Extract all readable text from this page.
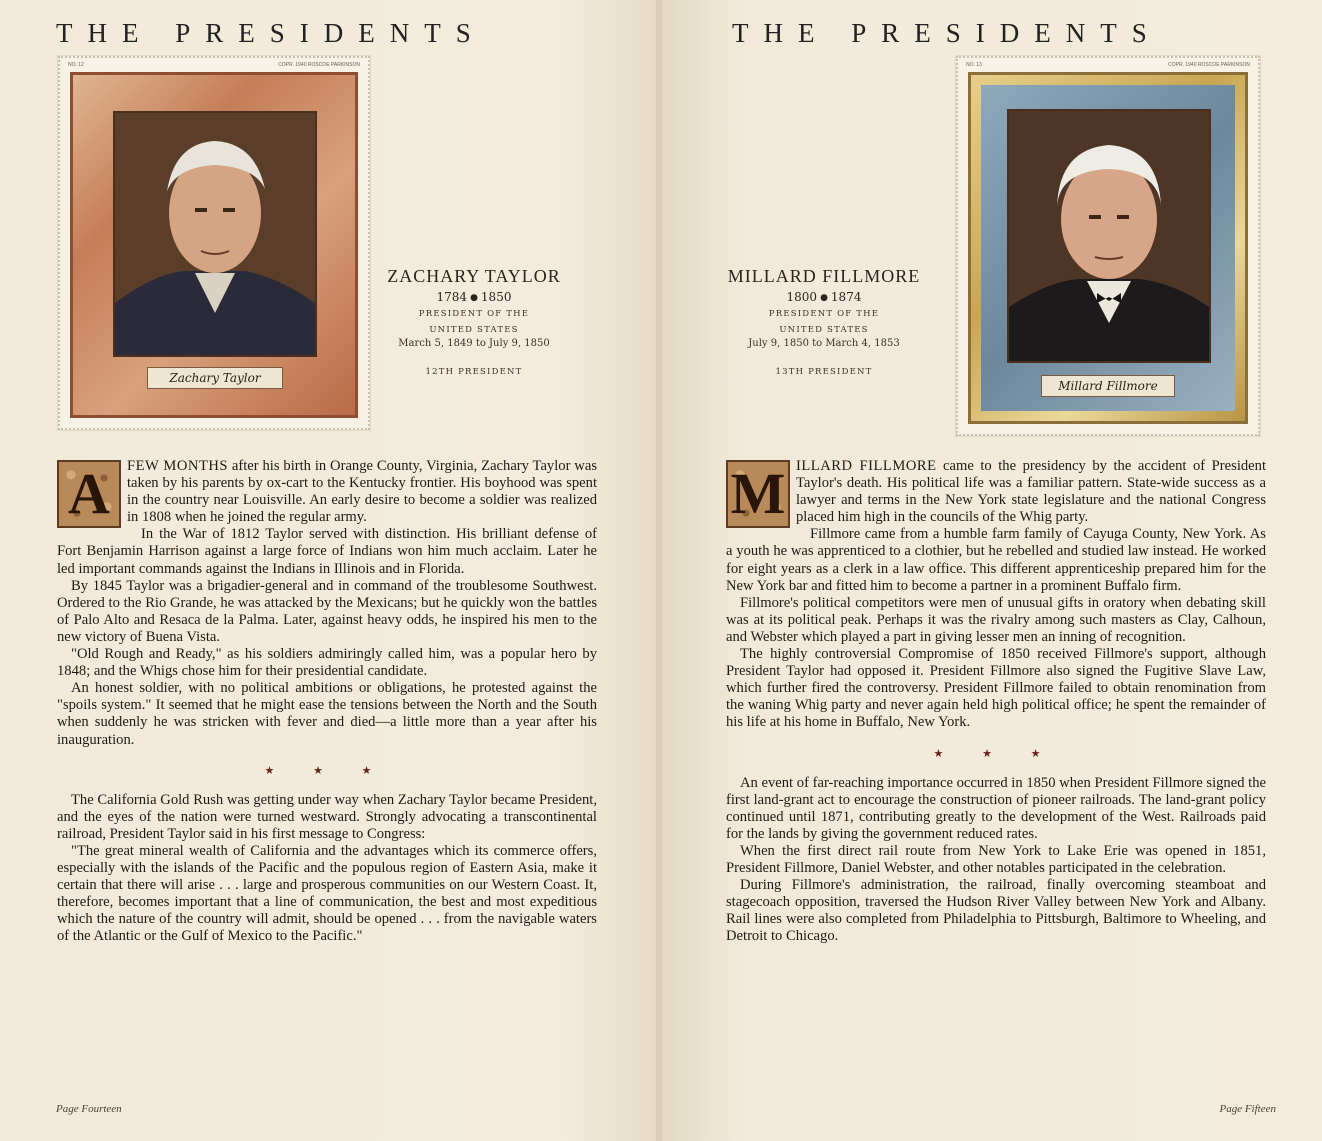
THE PRESIDENTS
NO. 12	COPR. 1940 ROSCOE PARKINSON
Zachary Taylor
ZACHARY TAYLOR
1784 ● 1850
PRESIDENT OF THE
UNITED STATES
March 5, 1849 to July 9, 1850
12TH PRESIDENT

A	FEW MONTHS after his birth in Orange County, Virginia, Zachary Taylor was taken by his parents by ox-cart to the Kentucky frontier. His boyhood was spent in the country near Louisville. An early desire to become a soldier was realized in 1808 when he joined the regular army.

In the War of 1812 Taylor served with distinction. His brilliant defense of Fort Benjamin Harrison against a large force of Indians won him much acclaim. Later he led important commands against the Indians in Illinois and in Florida.

By 1845 Taylor was a brigadier-general and in command of the troublesome Southwest. Ordered to the Rio Grande, he was attacked by the Mexicans; but he quickly won the battles of Palo Alto and Resaca de la Palma. Later, against heavy odds, he inspired his men to the new victory of Buena Vista.

"Old Rough and Ready," as his soldiers admiringly called him, was a popular hero by 1848; and the Whigs chose him for their presidential candidate.

An honest soldier, with no political ambitions or obligations, he protested against the "spoils system." It seemed that he might ease the tensions between the North and the South when suddenly he was stricken with fever and died—a little more than a year after his inauguration.

★ ★ ★

The California Gold Rush was getting under way when Zachary Taylor became President, and the eyes of the nation were turned westward. Strongly advocating a transcontinental railroad, President Taylor said in his first message to Congress:

"The great mineral wealth of California and the advantages which its commerce offers, especially with the islands of the Pacific and the populous region of Eastern Asia, make it certain that there will arise . . . large and prosperous communities on our Western Coast. It, therefore, becomes important that a line of communication, the best and most expeditious which the nature of the country will admit, should be opened . . . from the navigable waters of the Atlantic or the Gulf of Mexico to the Pacific."

Page Fourteen
THE PRESIDENTS
NO. 13	COPR. 1940 ROSCOE PARKINSON
Millard Fillmore
MILLARD FILLMORE
1800 ● 1874
PRESIDENT OF THE
UNITED STATES
July 9, 1850 to March 4, 1853
13TH PRESIDENT

M ILLARD FILLMORE came to the presidency by the accident of President Taylor's death. His political life was a familiar pattern. State-wide success as a lawyer and terms in the New York state legislature and the national Congress placed him high in the councils of the Whig party.

Fillmore came from a humble farm family of Cayuga County, New York. As a youth he was apprenticed to a clothier, but he rebelled and studied law instead. He worked for eight years as a clerk in a law office. This different apprenticeship prepared him for the New York bar and fitted him to become a partner in a prominent Buffalo firm.

Fillmore's political competitors were men of unusual gifts in oratory when debating skill was at its political peak. Perhaps it was the rivalry among such masters as Clay, Calhoun, and Webster which played a part in giving lesser men an inning of recognition.

The highly controversial Compromise of 1850 received Fillmore's support, although President Taylor had opposed it. President Fillmore also signed the Fugitive Slave Law, which further fired the controversy. President Fillmore failed to obtain renomination from the waning Whig party and never again held high political office; he spent the remainder of his life at his home in Buffalo, New York.

★ ★ ★

An event of far-reaching importance occurred in 1850 when President Fillmore signed the first land-grant act to encourage the construction of pioneer railroads. The land-grant policy continued until 1871, contributing greatly to the development of the West. Railroads paid for the lands by giving the government reduced rates.

When the first direct rail route from New York to Lake Erie was opened in 1851, President Fillmore, Daniel Webster, and other notables participated in the celebration.

During Fillmore's administration, the railroad, finally overcoming steamboat and stagecoach opposition, traversed the Hudson River Valley between New York and Albany. Rail lines were also completed from Philadelphia to Pittsburgh, Baltimore to Wheeling, and Detroit to Chicago.

Page Fifteen
